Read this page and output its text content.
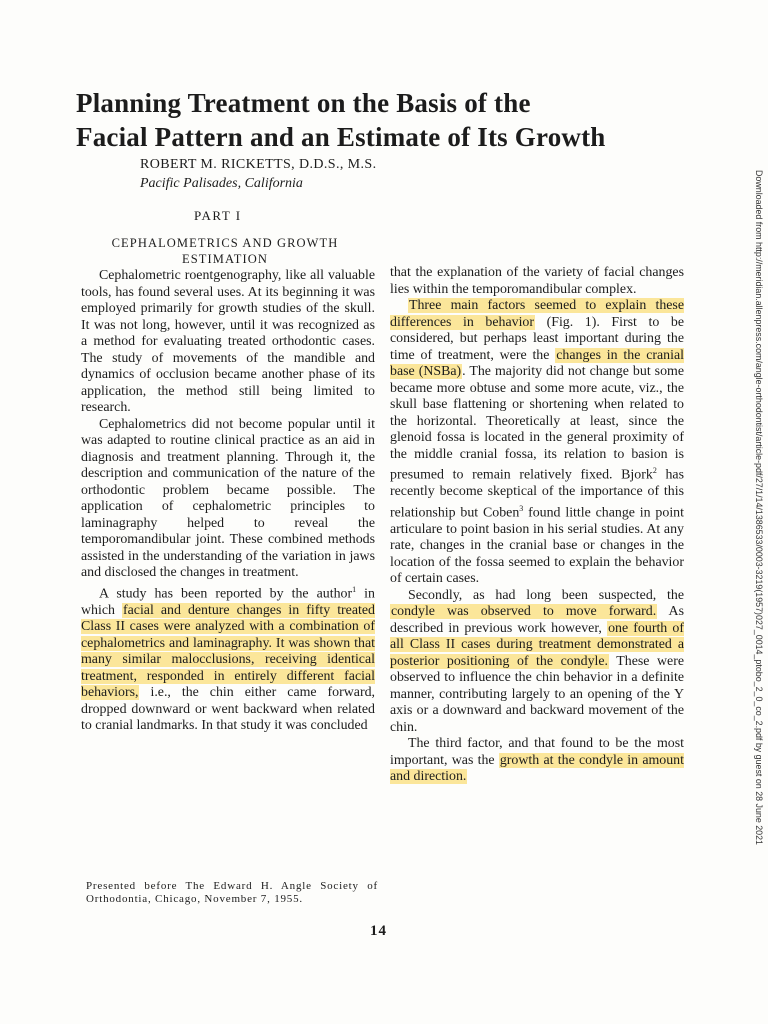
Planning Treatment on the Basis of the
Facial Pattern and an Estimate of Its Growth
ROBERT M. RICKETTS, D.D.S., M.S.
Pacific Palisades, California
PART I
CEPHALOMETRICS AND GROWTH
ESTIMATION

Cephalometric roentgenography, like all valuable tools, has found several uses. At its beginning it was employed primarily for growth studies of the skull. It was not long, however, until it was recognized as a method for evaluating treated orthodontic cases. The study of movements of the mandible and dynamics of occlusion became another phase of its application, the method still being limited to research.

Cephalometrics did not become popular until it was adapted to routine clinical practice as an aid in diagnosis and treatment planning. Through it, the description and communication of the nature of the orthodontic problem became possible. The application of cephalometric principles to laminagraphy helped to reveal the temporomandibular joint. These combined methods assisted in the understanding of the variation in jaws and disclosed the changes in treatment.

A study has been reported by the author$^1$ in which facial and denture changes in fifty treated Class II cases were analyzed with a combination of cephalometrics and laminagraphy. It was shown that many similar malocclusions, receiving identical treatment, responded in entirely different facial behaviors, i.e., the chin either came forward, dropped downward or went backward when related to cranial landmarks. In that study it was concluded

that the explanation of the variety of facial changes lies within the temporomandibular complex.

Three main factors seemed to explain these differences in behavior (Fig. 1). First to be considered, but perhaps least important during the time of treatment, were the changes in the cranial base (NSBa). The majority did not change but some became more obtuse and some more acute, viz., the skull base flattening or shortening when related to the horizontal. Theoretically at least, since the glenoid fossa is located in the general proximity of the middle cranial fossa, its relation to basion is presumed to remain relatively fixed. Bjork$^2$ has recently become skeptical of the importance of this relationship but Coben$^3$ found little change in point articulare to point basion in his serial studies. At any rate, changes in the cranial base or changes in the location of the fossa seemed to explain the behavior of certain cases.

Secondly, as had long been suspected, the condyle was observed to move forward. As described in previous work however, one fourth of all Class II cases during treatment demonstrated a posterior positioning of the condyle. These were observed to influence the chin behavior in a definite manner, contributing largely to an opening of the Y axis or a downward and backward movement of the chin.

The third factor, and that found to be the most important, was the growth at the condyle in amount and direction.

Presented before The Edward H. Angle Society of Orthodontia, Chicago, November 7, 1955.

14
Downloaded from http://meridian.allenpress.com/angle-orthodontist/article-pdf/27/1/14/1386533/0003-3219(1957)027_0014_ptobo_2_0_co_2.pdf by guest on 28 June 2021
